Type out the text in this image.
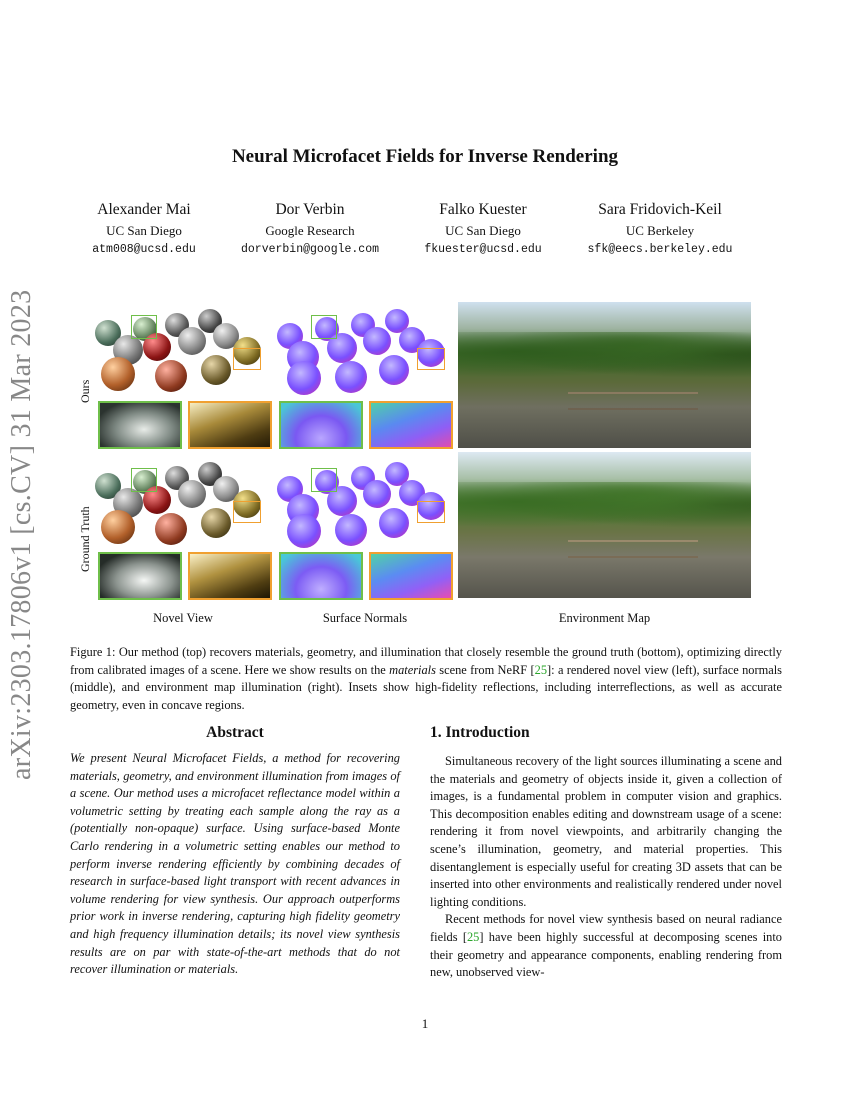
Neural Microfacet Fields for Inverse Rendering
Alexander Mai
UC San Diego
atm008@ucsd.edu
Dor Verbin
Google Research
dorverbin@google.com
Falko Kuester
UC San Diego
fkuester@ucsd.edu
Sara Fridovich-Keil
UC Berkeley
sfk@eecs.berkeley.edu
arXiv:2303.17806v1 [cs.CV] 31 Mar 2023	Ours
Ground Truth
Novel View	Surface Normals	Environment Map
Figure 1: Our method (top) recovers materials, geometry, and illumination that closely resemble the ground truth (bottom), optimizing directly from calibrated images of a scene. Here we show results on the materials scene from NeRF [25]: a rendered novel view (left), surface normals (middle), and environment map illumination (right). Insets show high-fidelity reflections, including interreflections, as well as accurate geometry, even in concave regions.
Abstract
We present Neural Microfacet Fields, a method for recovering materials, geometry, and environment illumination from images of a scene. Our method uses a microfacet reflectance model within a volumetric setting by treating each sample along the ray as a (potentially non-opaque) surface. Using surface-based Monte Carlo rendering in a volumetric setting enables our method to perform inverse rendering efficiently by combining decades of research in surface-based light transport with recent advances in volume rendering for view synthesis. Our approach outperforms prior work in inverse rendering, capturing high fidelity geometry and high frequency illumination details; its novel view synthesis results are on par with state-of-the-art methods that do not recover illumination or materials.
1. Introduction

Simultaneous recovery of the light sources illuminating a scene and the materials and geometry of objects inside it, given a collection of images, is a fundamental problem in computer vision and graphics. This decomposition enables editing and downstream usage of a scene: rendering it from novel viewpoints, and arbitrarily changing the scene’s illumination, geometry, and material properties. This disentanglement is especially useful for creating 3D assets that can be inserted into other environments and realistically rendered under novel lighting conditions.

Recent methods for novel view synthesis based on neural radiance fields [25] have been highly successful at decomposing scenes into their geometry and appearance components, enabling rendering from new, unobserved view-

1
